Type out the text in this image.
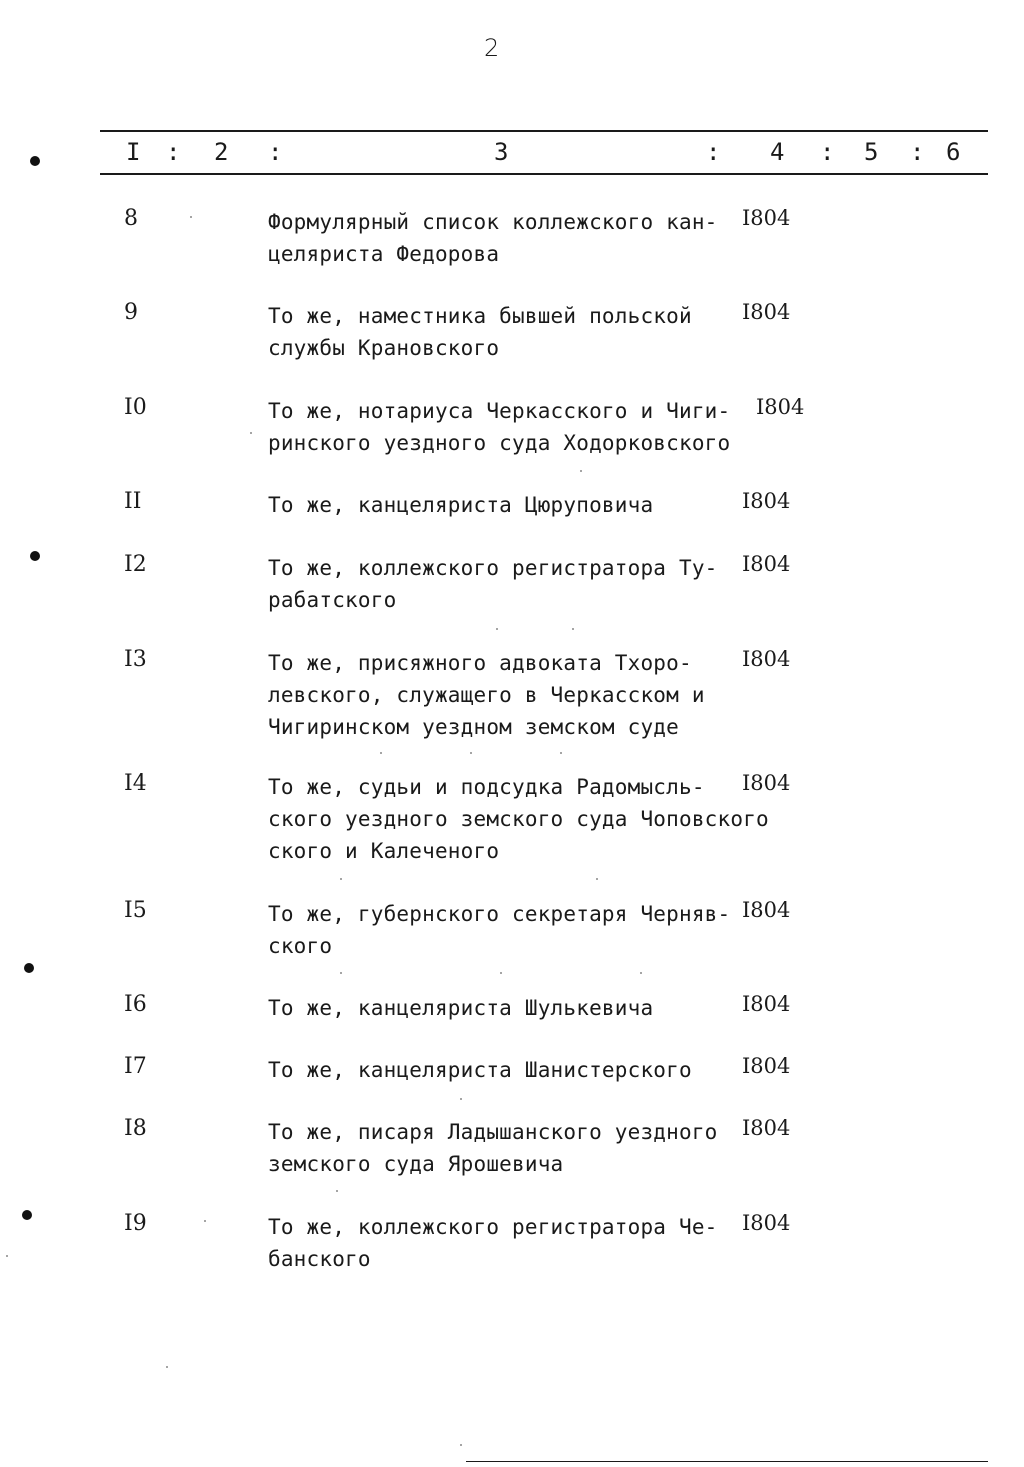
2
I : 2 :	3	: 4 : 5 : 6
8	Формулярный список коллежского кан-
целяриста Федорова
I804
9	То же, наместника бывшей польской
службы Крановского
I804
I0	То же, нотариуса Черкасского и Чиги-
ринского уездного суда Ходорковского
I804
II	То же, канцеляриста Цюруповича	I804
I2	То же, коллежского регистратора Ту-
рабатского
I804
I3	То же, присяжного адвоката Тхоро-
левского, служащего в Черкасском и
Чигиринском уездном земском суде
I804
I4	То же, судьи и подсудка Радомысль-
ского уездного земского суда Чоповского
ского и Калеченого
I804
I5	То же, губернского секретаря Черняв-
ского
I804
I6	То же, канцеляриста Шулькевича	I804
I7	То же, канцеляриста Шанистерского	I804
I8	То же, писаря Ладышанского уездного
земского суда Ярошевича
I804
I9	То же, коллежского регистратора Че-
банского
I804
